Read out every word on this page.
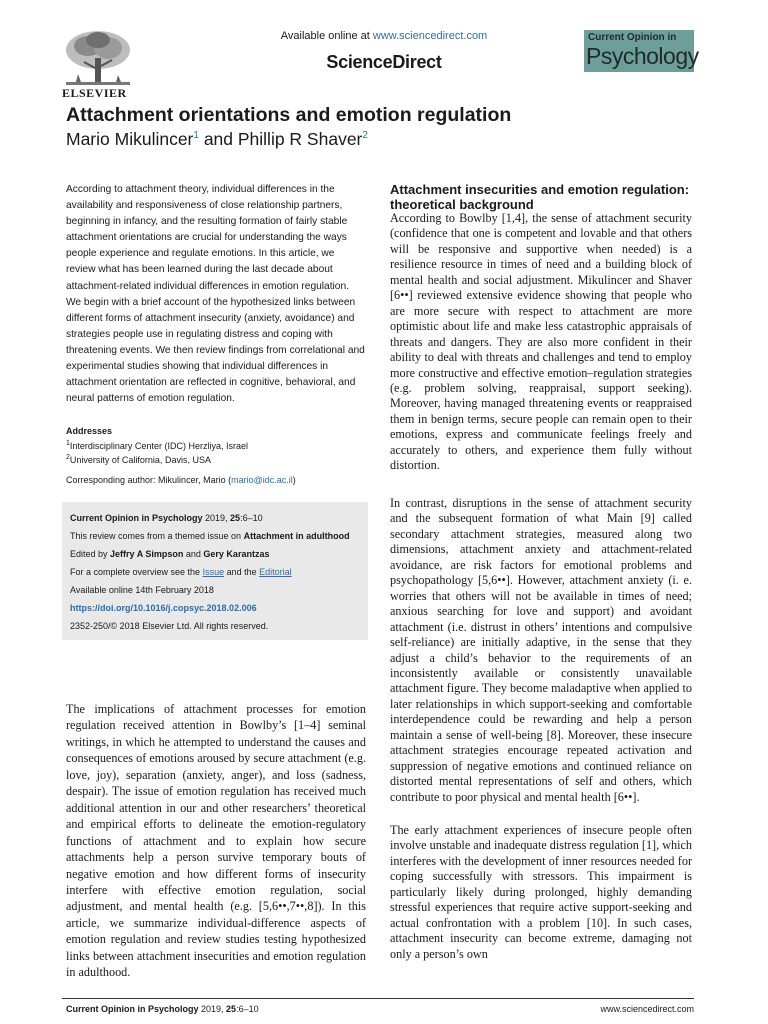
ELSEVIER
Available online at www.sciencedirect.com
ScienceDirect
Current Opinion in
Psychology
Attachment orientations and emotion regulation
Mario Mikulincer$^1$ and Phillip R Shaver$^2$
According to attachment theory, individual differences in the availability and responsiveness of close relationship partners, beginning in infancy, and the resulting formation of fairly stable attachment orientations are crucial for understanding the ways people experience and regulate emotions. In this article, we review what has been learned during the last decade about attachment-related individual differences in emotion regulation. We begin with a brief account of the hypothesized links between different forms of attachment insecurity (anxiety, avoidance) and strategies people use in regulating distress and coping with threatening events. We then review findings from correlational and experimental studies showing that individual differences in attachment orientation are reflected in cognitive, behavioral, and neural patterns of emotion regulation.
Addresses
$^1$Interdisciplinary Center (IDC) Herzliya, Israel
$^2$University of California, Davis, USA
Corresponding author: Mikulincer, Mario (mario@idc.ac.il)
Current Opinion in Psychology 2019, 25:6–10
This review comes from a themed issue on Attachment in adulthood
Edited by Jeffry A Simpson and Gery Karantzas
For a complete overview see the Issue and the Editorial
Available online 14th February 2018
https://doi.org/10.1016/j.copsyc.2018.02.006
2352-250/© 2018 Elsevier Ltd. All rights reserved.
The implications of attachment processes for emotion regulation received attention in Bowlby’s [1–4] seminal writings, in which he attempted to understand the causes and consequences of emotions aroused by secure attachment (e.g. love, joy), separation (anxiety, anger), and loss (sadness, despair). The issue of emotion regulation has received much additional attention in our and other researchers’ theoretical and empirical efforts to delineate the emotion-regulatory functions of attachment and to explain how secure attachments help a person survive temporary bouts of negative emotion and how different forms of insecurity interfere with effective emotion regulation, social adjustment, and mental health (e.g. [5,6••,7••,8]). In this article, we summarize individual-difference aspects of emotion regulation and review studies testing hypothesized links between attachment insecurities and emotion regulation in adulthood.
Attachment insecurities and emotion regulation: theoretical background
According to Bowlby [1,4], the sense of attachment security (confidence that one is competent and lovable and that others will be responsive and supportive when needed) is a resilience resource in times of need and a building block of mental health and social adjustment. Mikulincer and Shaver [6••] reviewed extensive evidence showing that people who are more secure with respect to attachment are more optimistic about life and make less catastrophic appraisals of threats and dangers. They are also more confident in their ability to deal with threats and challenges and tend to employ more constructive and effective emotion–regulation strategies (e.g. problem solving, reappraisal, support seeking). Moreover, having managed threatening events or reappraised them in benign terms, secure people can remain open to their emotions, express and communicate feelings freely and accurately to others, and experience them fully without distortion.
In contrast, disruptions in the sense of attachment security and the subsequent formation of what Main [9] called secondary attachment strategies, measured along two dimensions, attachment anxiety and attachment-related avoidance, are risk factors for emotional problems and psychopathology [5,6••]. However, attachment anxiety (i. e. worries that others will not be available in times of need; anxious searching for love and support) and avoidant attachment (i.e. distrust in others’ intentions and compulsive self-reliance) are initially adaptive, in the sense that they adjust a child’s behavior to the requirements of an inconsistently available or consistently unavailable attachment figure. They become maladaptive when applied to later relationships in which support-seeking and comfortable interdependence could be rewarding and help a person maintain a sense of well-being [8]. Moreover, these insecure attachment strategies encourage repeated activation and suppression of negative emotions and continued reliance on distorted mental representations of self and others, which contribute to poor physical and mental health [6••].
The early attachment experiences of insecure people often involve unstable and inadequate distress regulation [1], which interferes with the development of inner resources needed for coping successfully with stressors. This impairment is particularly likely during prolonged, highly demanding stressful experiences that require active support-seeking and actual confrontation with a problem [10]. In such cases, attachment insecurity can become extreme, damaging not only a person’s own
Current Opinion in Psychology 2019, 25:6–10	www.sciencedirect.com
